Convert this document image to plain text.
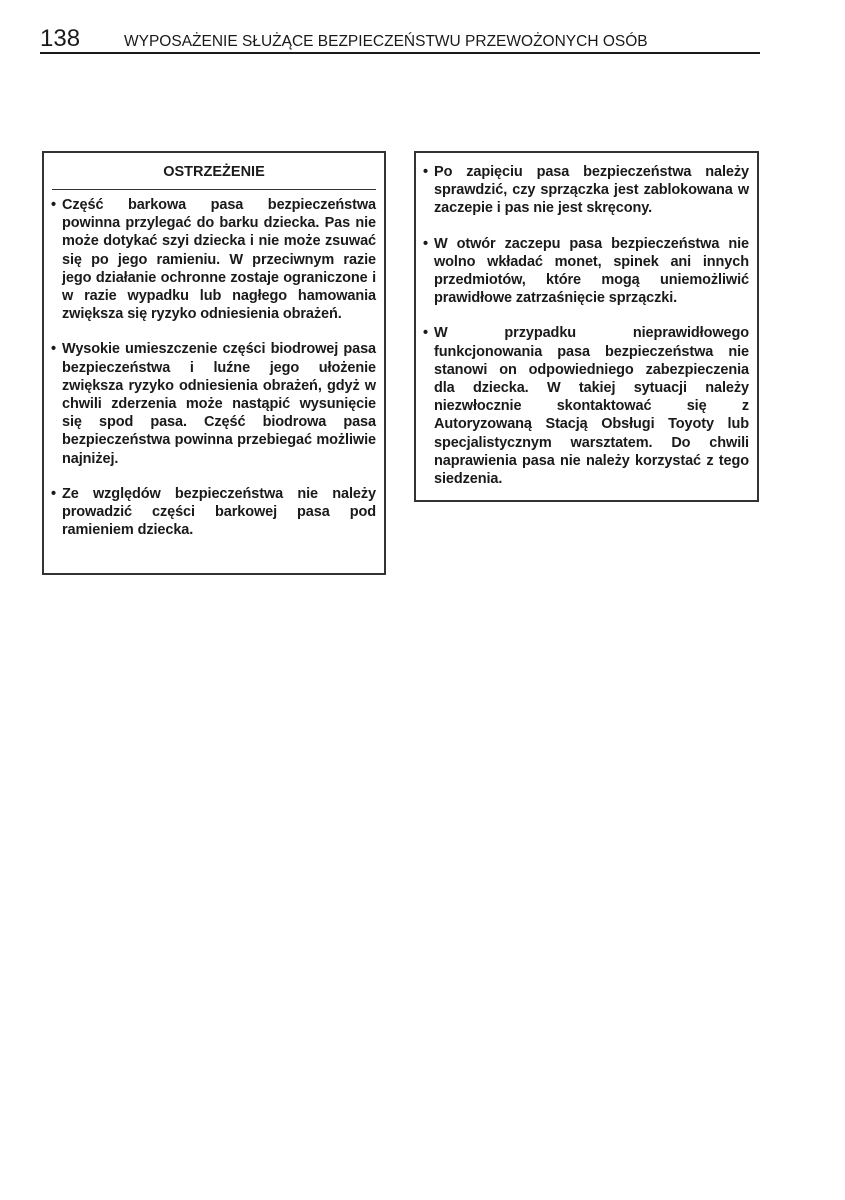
138	WYPOSAŻENIE SŁUŻĄCE BEZPIECZEŃSTWU PRZEWOŻONYCH OSÓB
OSTRZEŻENIE
• Część barkowa pasa bezpieczeństwa powinna przylegać do barku dziecka. Pas nie może dotykać szyi dziecka i nie może zsuwać się po jego ramieniu. W przeciwnym razie jego działanie ochronne zostaje ograniczone i w razie wypadku lub nagłego hamowania zwiększa się ryzyko odniesienia obrażeń.
• Wysokie umieszczenie części biodrowej pasa bezpieczeństwa i luźne jego ułożenie zwiększa ryzyko odniesienia obrażeń, gdyż w chwili zderzenia może nastąpić wysunięcie się spod pasa. Część biodrowa pasa bezpieczeństwa powinna przebiegać możliwie najniżej.
• Ze względów bezpieczeństwa nie należy prowadzić części barkowej pasa pod ramieniem dziecka.
• Po zapięciu pasa bezpieczeństwa należy sprawdzić, czy sprzączka jest zablokowana w zaczepie i pas nie jest skręcony.
• W otwór zaczepu pasa bezpieczeństwa nie wolno wkładać monet, spinek ani innych przedmiotów, które mogą uniemożliwić prawidłowe zatrzaśnięcie sprzączki.
• W przypadku nieprawidłowego funkcjonowania pasa bezpieczeństwa nie stanowi on odpowiedniego zabezpieczenia dla dziecka. W takiej sytuacji należy niezwłocznie skontaktować się z Autoryzowaną Stacją Obsługi Toyoty lub specjalistycznym warsztatem. Do chwili naprawienia pasa nie należy korzystać z tego siedzenia.
